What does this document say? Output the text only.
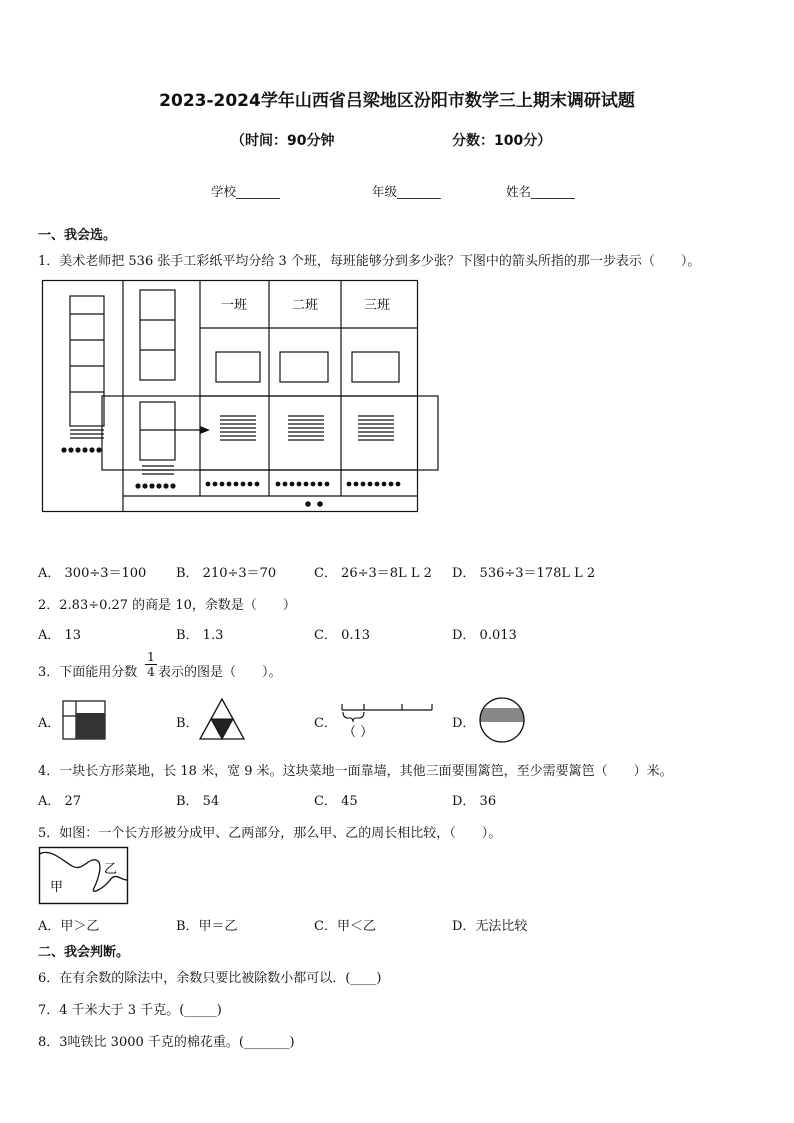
2023-2024学年山西省吕梁地区汾阳市数学三上期末调研试题
（时间：90分钟	分数：100分）
学校_______	年级_______	姓名_______
一、我会选。
1．美术老师把 536 张手工彩纸平均分给 3 个班，每班能够分到多少张？下图中的箭头所指的那一步表示（　　）。
一班	二班	三班
A． 300÷3＝100 B． 210÷3＝70	C． 26÷3＝8L L 2 D． 536÷3＝178L L 2
2．2.83÷0.27 的商是 10，余数是（　　）
A． 13	B． 1.3	C． 0.13	D． 0.013
3．下面能用分数 $\frac{1}{4}$ 表示的图是（　　）。
A．	B．	C．	D．
（ ）
4．一块长方形菜地，长 18 米，宽 9 米。这块菜地一面靠墙，其他三面要围篱笆，至少需要篱笆（　　）米。
A． 27	B． 54	C． 45	D． 36
5．如图：一个长方形被分成甲、乙两部分，那么甲、乙的周长相比较，（　　）。
甲
乙
A．甲＞乙	B．甲＝乙	C．甲＜乙	D．无法比较
二、我会判断。
6．在有余数的除法中，余数只要比被除数小都可以．(____)
7．4 千米大于 3 千克。(_____)
8．3吨铁比 3000 千克的棉花重。(_______)
